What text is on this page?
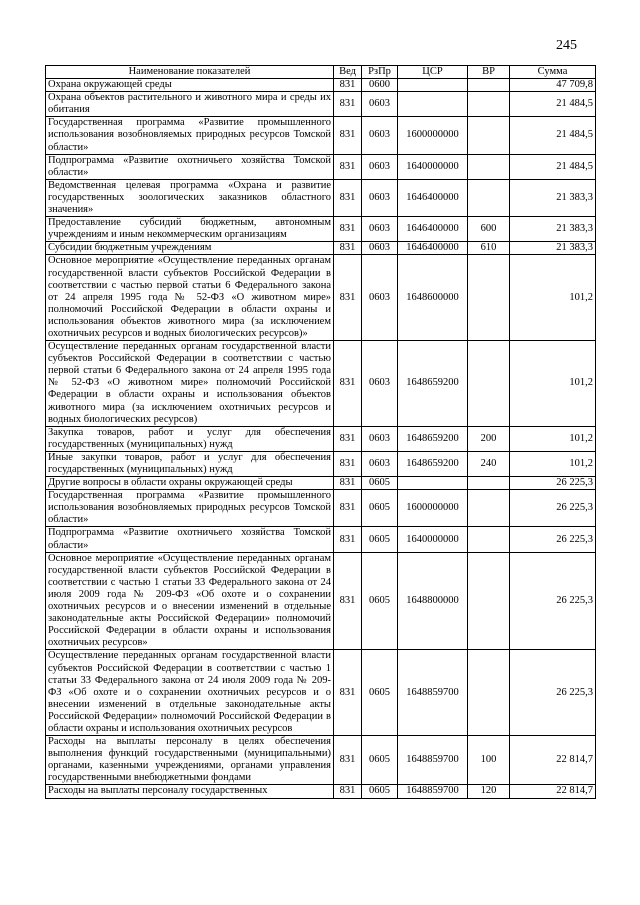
245
Наименование показателей	Вед	РзПр	ЦСР	ВР	Сумма
Охрана окружающей среды	831	0600			47 709,8
Охрана объектов растительного и животного мира и среды их обитания	831	0603			21 484,5
Государственная программа «Развитие промышленного использования возобновляемых природных ресурсов Томской области»	831	0603	1600000000		21 484,5
Подпрограмма «Развитие охотничьего хозяйства Томской области»	831	0603	1640000000		21 484,5
Ведомственная целевая программа «Охрана и развитие государственных зоологических заказников областного значения»	831	0603	1646400000		21 383,3
Предоставление субсидий бюджетным, автономным учреждениям и иным некоммерческим организациям	831	0603	1646400000	600	21 383,3
Субсидии бюджетным учреждениям	831	0603	1646400000	610	21 383,3
Основное мероприятие «Осуществление переданных органам государственной власти субъектов Российской Федерации в соответствии с частью первой статьи 6 Федерального закона от 24 апреля 1995 года № 52-ФЗ «О животном мире» полномочий Российской Федерации в области охраны и использования объектов животного мира (за исключением охотничьих ресурсов и водных биологических ресурсов)»	831	0603	1648600000		101,2
Осуществление переданных органам государственной власти субъектов Российской Федерации в соответствии с частью первой статьи 6 Федерального закона от 24 апреля 1995 года № 52-ФЗ «О животном мире» полномочий Российской Федерации в области охраны и использования объектов животного мира (за исключением охотничьих ресурсов и водных биологических ресурсов)	831	0603	1648659200		101,2
Закупка товаров, работ и услуг для обеспечения государственных (муниципальных) нужд	831	0603	1648659200	200	101,2
Иные закупки товаров, работ и услуг для обеспечения государственных (муниципальных) нужд	831	0603	1648659200	240	101,2
Другие вопросы в области охраны окружающей среды	831	0605			26 225,3
Государственная программа «Развитие промышленного использования возобновляемых природных ресурсов Томской области»	831	0605	1600000000		26 225,3
Подпрограмма «Развитие охотничьего хозяйства Томской области»	831	0605	1640000000		26 225,3
Основное мероприятие «Осуществление переданных органам государственной власти субъектов Российской Федерации в соответствии с частью 1 статьи 33 Федерального закона от 24 июля 2009 года № 209-ФЗ «Об охоте и о сохранении охотничьих ресурсов и о внесении изменений в отдельные законодательные акты Российской Федерации» полномочий Российской Федерации в области охраны и использования охотничьих ресурсов»	831	0605	1648800000		26 225,3
Осуществление переданных органам государственной власти субъектов Российской Федерации в соответствии с частью 1 статьи 33 Федерального закона от 24 июля 2009 года № 209-ФЗ «Об охоте и о сохранении охотничьих ресурсов и о внесении изменений в отдельные законодательные акты Российской Федерации» полномочий Российской Федерации в области охраны и использования охотничьих ресурсов	831	0605	1648859700		26 225,3
Расходы на выплаты персоналу в целях обеспечения выполнения функций государственными (муниципальными) органами, казенными учреждениями, органами управления государственными внебюджетными фондами	831	0605	1648859700	100	22 814,7
Расходы на выплаты персоналу государственных	831	0605	1648859700	120	22 814,7
